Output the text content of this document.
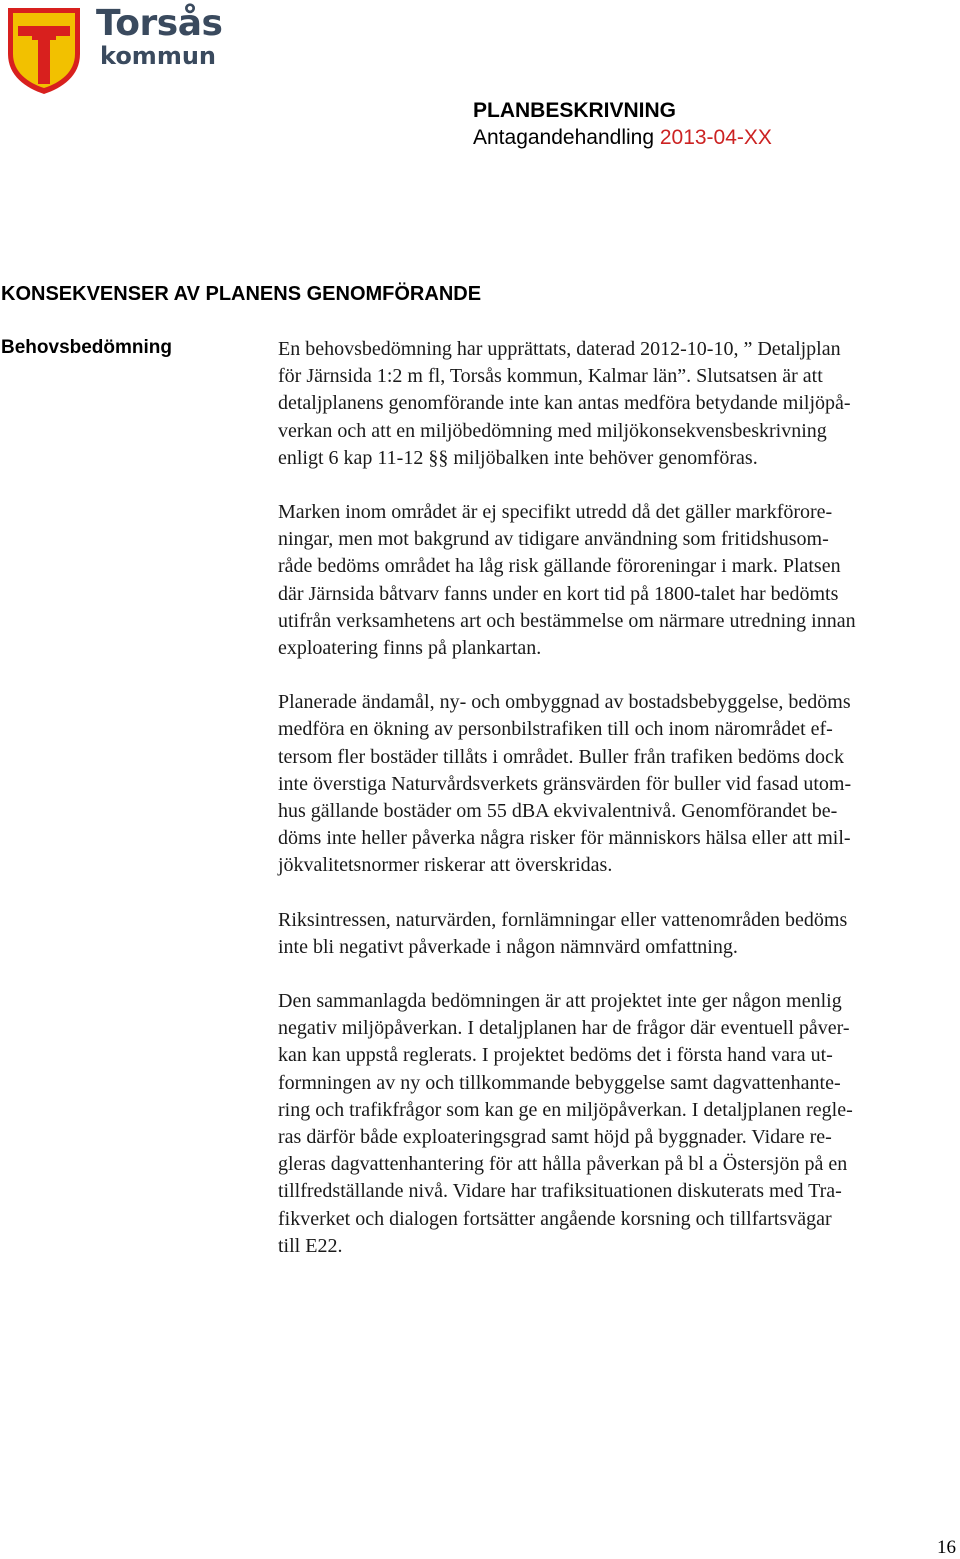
Torsås
kommun
PLANBESKRIVNING
Antagandehandling 2013-04-XX
KONSEKVENSER AV PLANENS GENOMFÖRANDE
Behovsbedömning	En behovsbedömning har upprättats, daterad 2012-10-10, ” Detaljplan
för Järnsida 1:2 m fl, Torsås kommun, Kalmar län”. Slutsatsen är att
detaljplanens genomförande inte kan antas medföra betydande miljöpå-
verkan och att en miljöbedömning med miljökonsekvensbeskrivning
enligt 6 kap 11-12 §§ miljöbalken inte behöver genomföras.

Marken inom området är ej specifikt utredd då det gäller markförore-
ningar, men mot bakgrund av tidigare användning som fritidshusom-
råde bedöms området ha låg risk gällande föroreningar i mark. Platsen
där Järnsida båtvarv fanns under en kort tid på 1800-talet har bedömts
utifrån verksamhetens art och bestämmelse om närmare utredning innan
exploatering finns på plankartan.

Planerade ändamål, ny- och ombyggnad av bostadsbebyggelse, bedöms
medföra en ökning av personbilstrafiken till och inom närområdet ef-
tersom fler bostäder tillåts i området. Buller från trafiken bedöms dock
inte överstiga Naturvårdsverkets gränsvärden för buller vid fasad utom-
hus gällande bostäder om 55 dBA ekvivalentnivå. Genomförandet be-
döms inte heller påverka några risker för människors hälsa eller att mil-
jökvalitetsnormer riskerar att överskridas.

Riksintressen, naturvärden, fornlämningar eller vattenområden bedöms
inte bli negativt påverkade i någon nämnvärd omfattning.

Den sammanlagda bedömningen är att projektet inte ger någon menlig
negativ miljöpåverkan. I detaljplanen har de frågor där eventuell påver-
kan kan uppstå reglerats. I projektet bedöms det i första hand vara ut-
formningen av ny och tillkommande bebyggelse samt dagvattenhante-
ring och trafikfrågor som kan ge en miljöpåverkan. I detaljplanen regle-
ras därför både exploateringsgrad samt höjd på byggnader. Vidare re-
gleras dagvattenhantering för att hålla påverkan på bl a Östersjön på en
tillfredställande nivå. Vidare har trafiksituationen diskuterats med Tra-
fikverket och dialogen fortsätter angående korsning och tillfartsvägar
till E22.

16
